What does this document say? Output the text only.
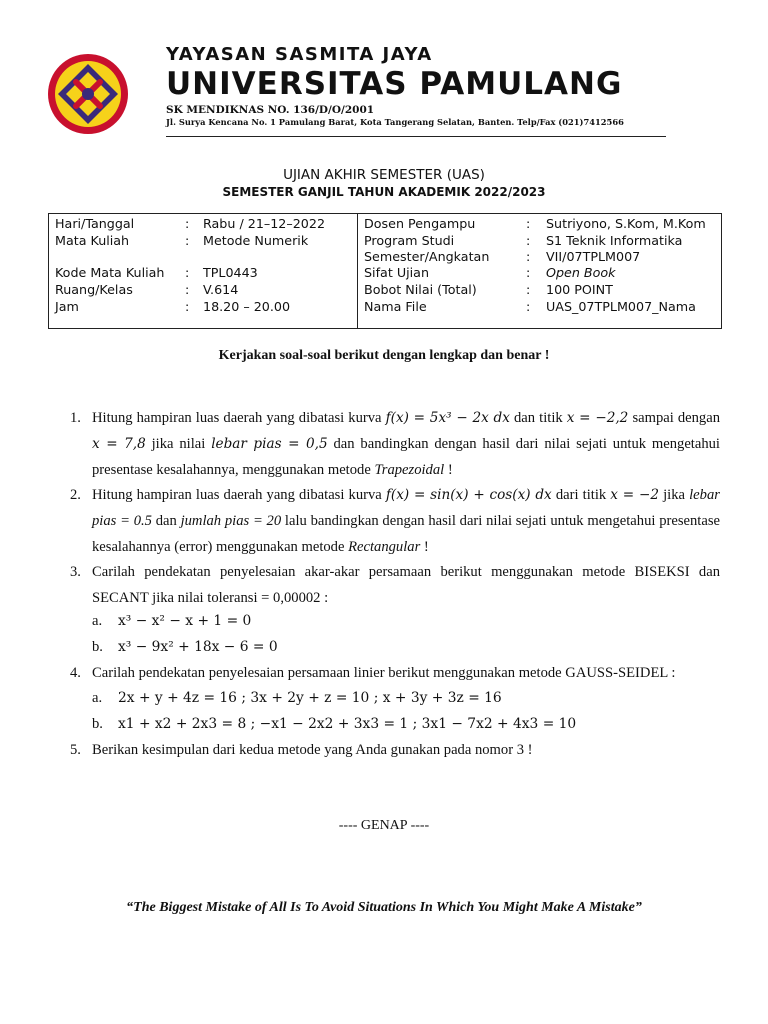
YAYASAN SASMITA JAYA
UNIVERSITAS PAMULANG
SK MENDIKNAS NO. 136/D/O/2001
Jl. Surya Kencana No. 1 Pamulang Barat, Kota Tangerang Selatan, Banten. Telp/Fax (021)7412566
UJIAN AKHIR SEMESTER (UAS)
SEMESTER GANJIL TAHUN AKADEMIK 2022/2023
Hari/Tanggal	: Rabu / 21–12–2022
Mata Kuliah	: Metode Numerik
Kode Mata Kuliah : TPL0443
Ruang/Kelas	: V.614
Jam	: 18.20 – 20.00
Dosen Pengampu	: Sutriyono, S.Kom, M.Kom
Program Studi	: S1 Teknik Informatika
Semester/Angkatan	: VII/07TPLM007
Sifat Ujian	: Open Book
Bobot Nilai (Total)	: 100 POINT
Nama File	: UAS_07TPLM007_Nama
Kerjakan soal-soal berikut dengan lengkap dan benar !
1. Hitung hampiran luas daerah yang dibatasi kurva f(x) = 5x³ − 2x dx dan titik x = −2,2 sampai dengan x = 7,8 jika nilai lebar pias = 0,5 dan bandingkan dengan hasil dari nilai sejati untuk mengetahui presentase kesalahannya, menggunakan metode Trapezoidal !
2. Hitung hampiran luas daerah yang dibatasi kurva f(x) = sin(x) + cos(x) dx dari titik x = −2 jika lebar pias = 0.5 dan jumlah pias = 20 lalu bandingkan dengan hasil dari nilai sejati untuk mengetahui presentase kesalahannya (error) menggunakan metode Rectangular !
3. Carilah pendekatan penyelesaian akar-akar persamaan berikut menggunakan metode BISEKSI dan SECANT jika nilai toleransi = 0,00002 :
a. x³ − x² − x + 1 = 0
b. x³ − 9x² + 18x − 6 = 0
4. Carilah pendekatan penyelesaian persamaan linier berikut menggunakan metode GAUSS-SEIDEL :
a. 2x + y + 4z = 16 ; 3x + 2y + z = 10 ; x + 3y + 3z = 16
b. x1 + x2 + 2x3 = 8 ; −x1 − 2x2 + 3x3 = 1 ; 3x1 − 7x2 + 4x3 = 10
5. Berikan kesimpulan dari kedua metode yang Anda gunakan pada nomor 3 !
---- GENAP ----
“The Biggest Mistake of All Is To Avoid Situations In Which You Might Make A Mistake”
